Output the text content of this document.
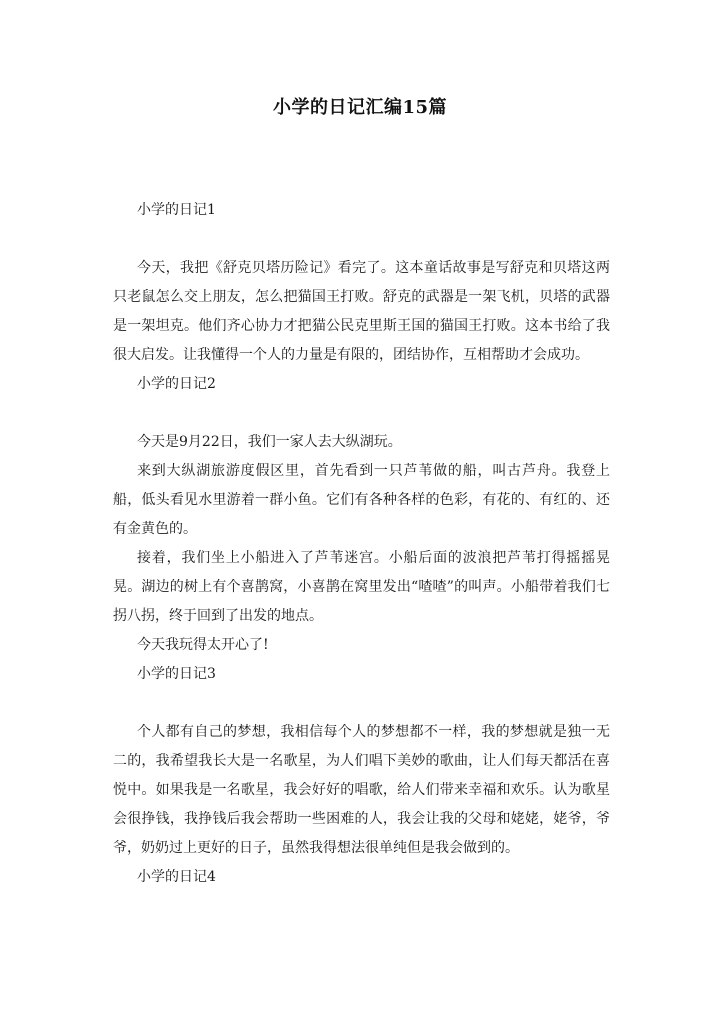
小学的日记汇编15篇

小学的日记1

今天，我把《舒克贝塔历险记》看完了。这本童话故事是写舒克和贝塔这两只老鼠怎么交上朋友，怎么把猫国王打败。舒克的武器是一架飞机，贝塔的武器是一架坦克。他们齐心协力才把猫公民克里斯王国的猫国王打败。这本书给了我很大启发。让我懂得一个人的力量是有限的，团结协作，互相帮助才会成功。

小学的日记2

今天是9月22日，我们一家人去大纵湖玩。

来到大纵湖旅游度假区里，首先看到一只芦苇做的船，叫古芦舟。我登上船，低头看见水里游着一群小鱼。它们有各种各样的色彩，有花的、有红的、还有金黄色的。

接着，我们坐上小船进入了芦苇迷宫。小船后面的波浪把芦苇打得摇摇晃晃。湖边的树上有个喜鹊窝，小喜鹊在窝里发出“喳喳”的叫声。小船带着我们七拐八拐，终于回到了出发的地点。

今天我玩得太开心了!

小学的日记3

个人都有自己的梦想，我相信每个人的梦想都不一样，我的梦想就是独一无二的，我希望我长大是一名歌星，为人们唱下美妙的歌曲，让人们每天都活在喜悦中。如果我是一名歌星，我会好好的唱歌，给人们带来幸福和欢乐。认为歌星会很挣钱，我挣钱后我会帮助一些困难的人，我会让我的父母和姥姥，姥爷，爷爷，奶奶过上更好的日子，虽然我得想法很单纯但是我会做到的。

小学的日记4
